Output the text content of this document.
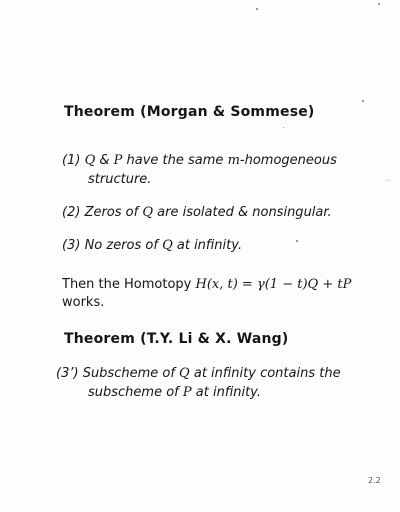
Theorem (Morgan & Sommese)
(1) Q & P have the same m-homogeneous
structure.
(2) Zeros of Q are isolated & nonsingular.
(3) No zeros of Q at infinity.
Then the Homotopy H(x, t) = γ(1 − t)Q + tP
works.
Theorem (T.Y. Li & X. Wang)
(3’) Subscheme of Q at infinity contains the
subscheme of P at infinity.
2.2
